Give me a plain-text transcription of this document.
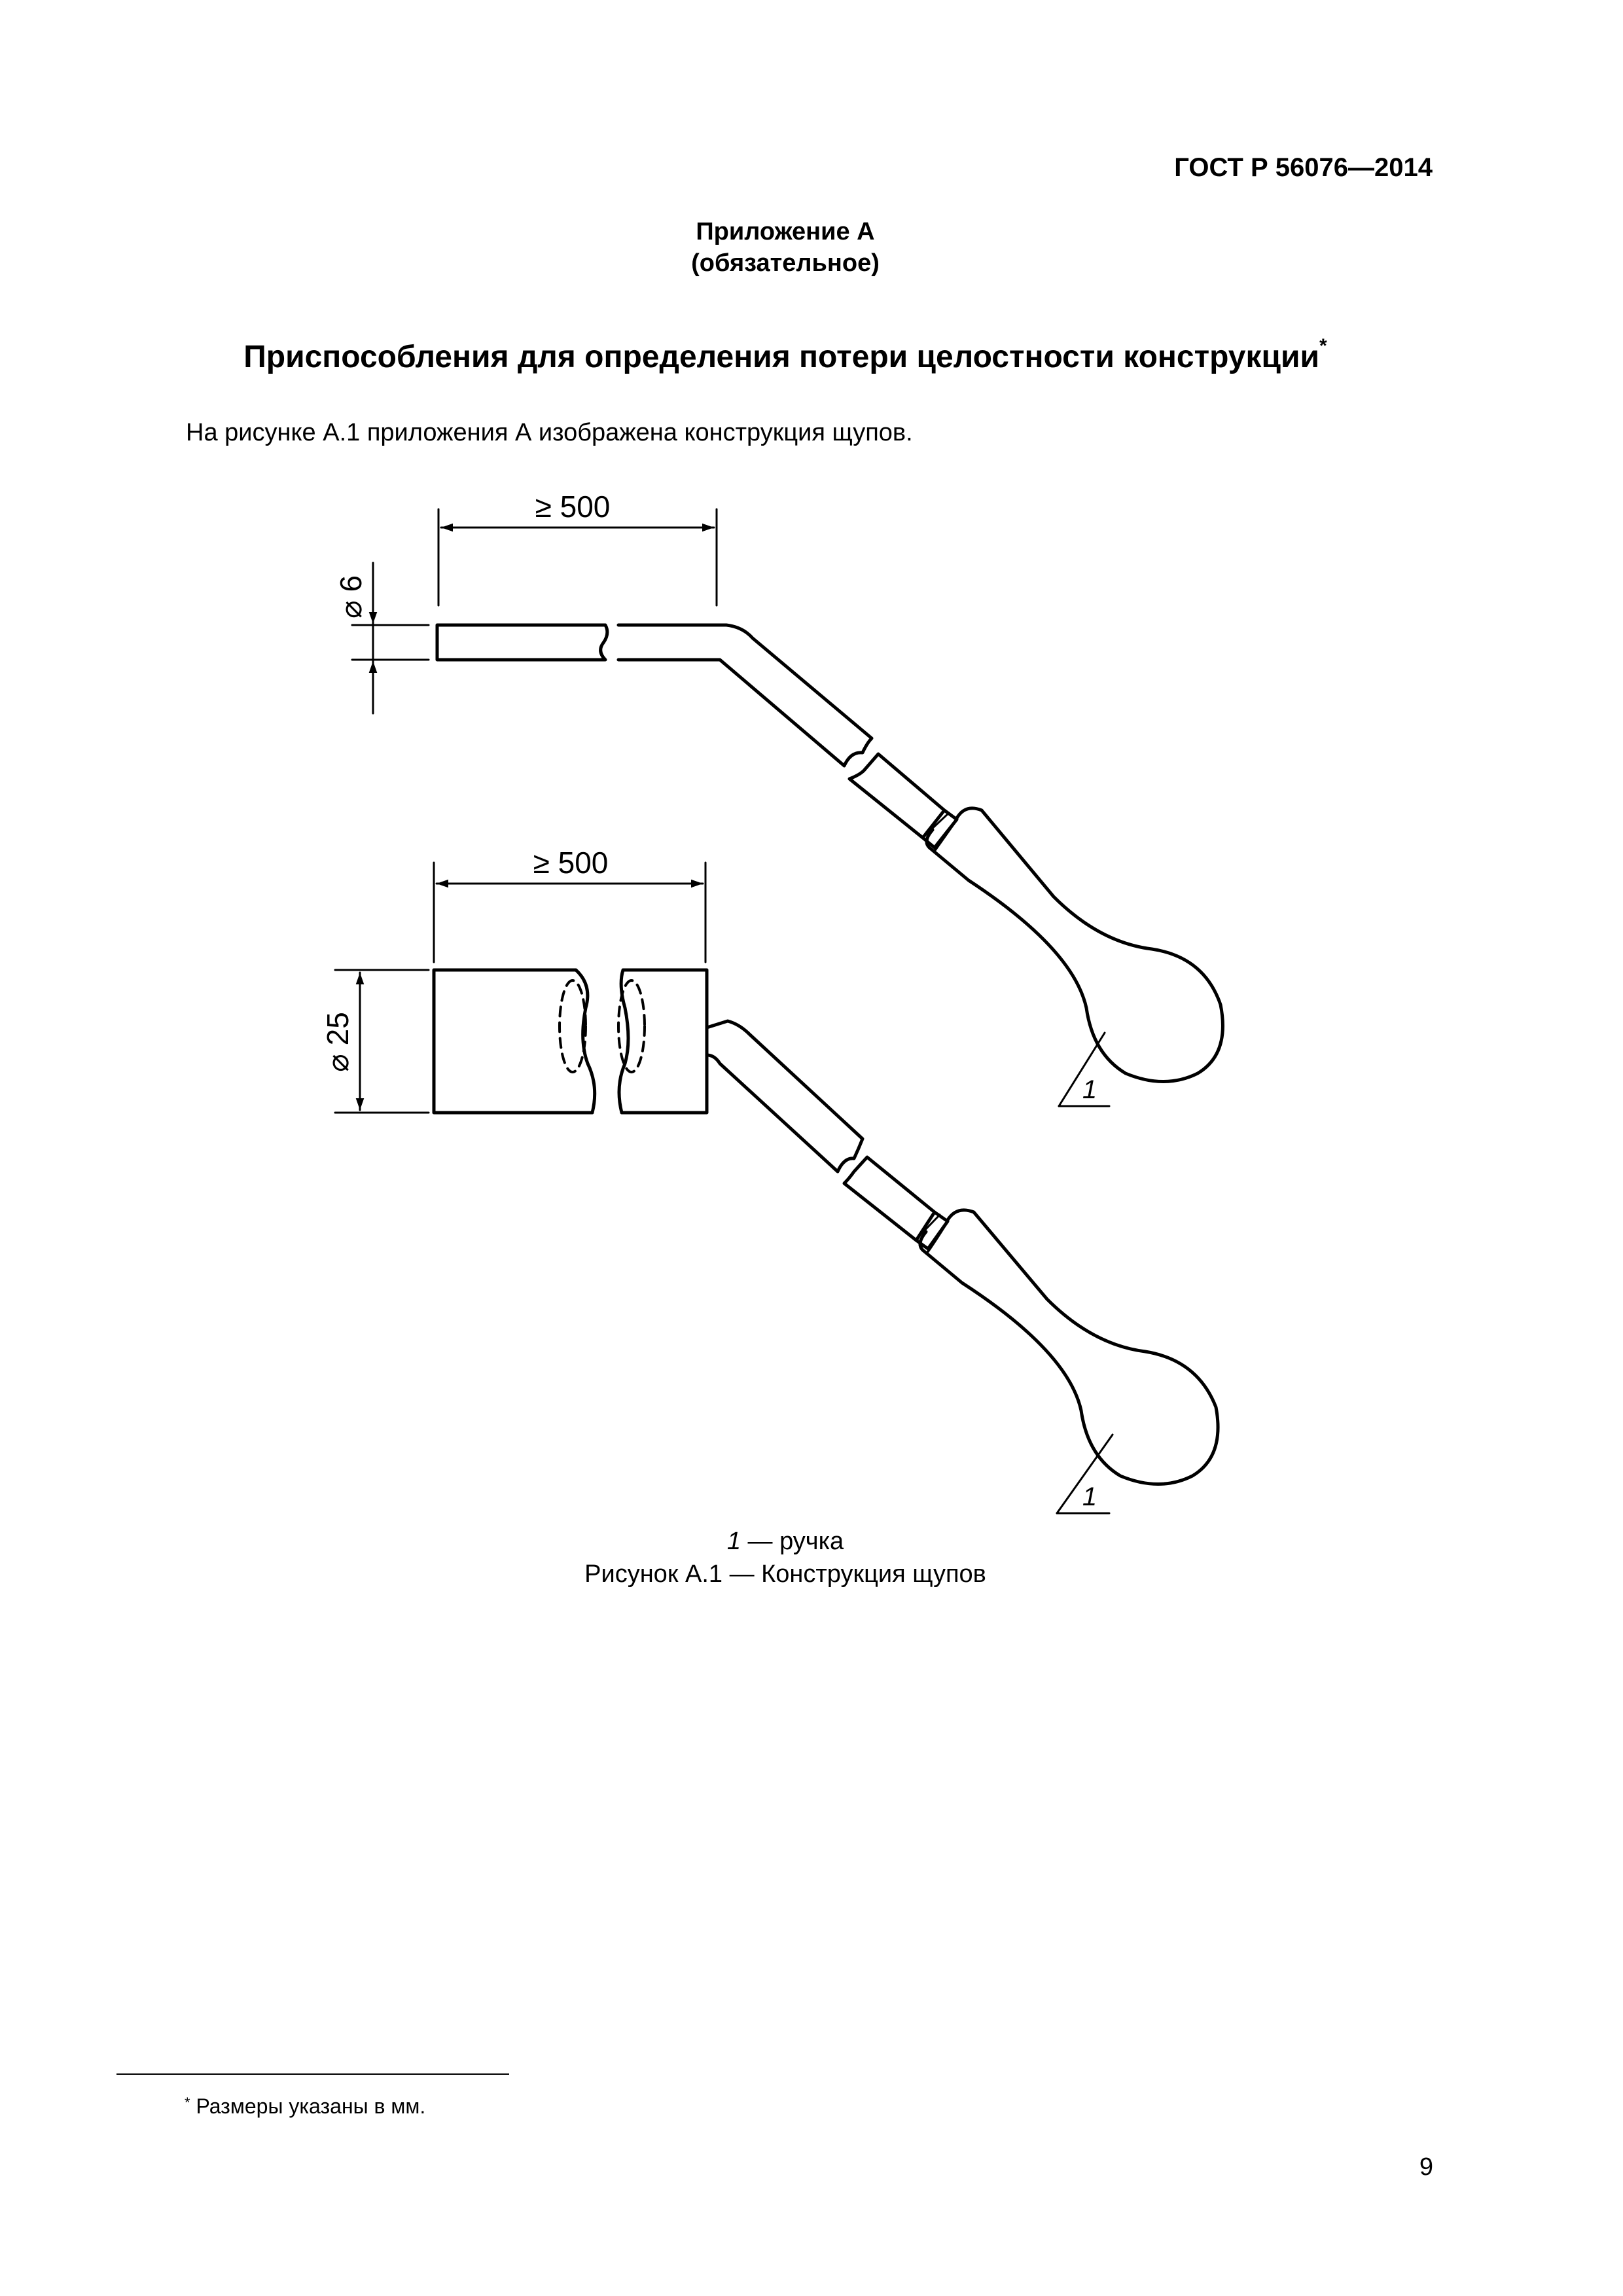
ГОСТ Р 56076—2014
Приложение А
(обязательное)
Приспособления для определения потери целостности конструкции*
На рисунке А.1 приложения А изображена конструкция щупов.
≥ 500
⌀ 6
1
≥ 500
⌀ 25
1
1 — ручка
Рисунок А.1 — Конструкция щупов
* Размеры указаны в мм.
9
